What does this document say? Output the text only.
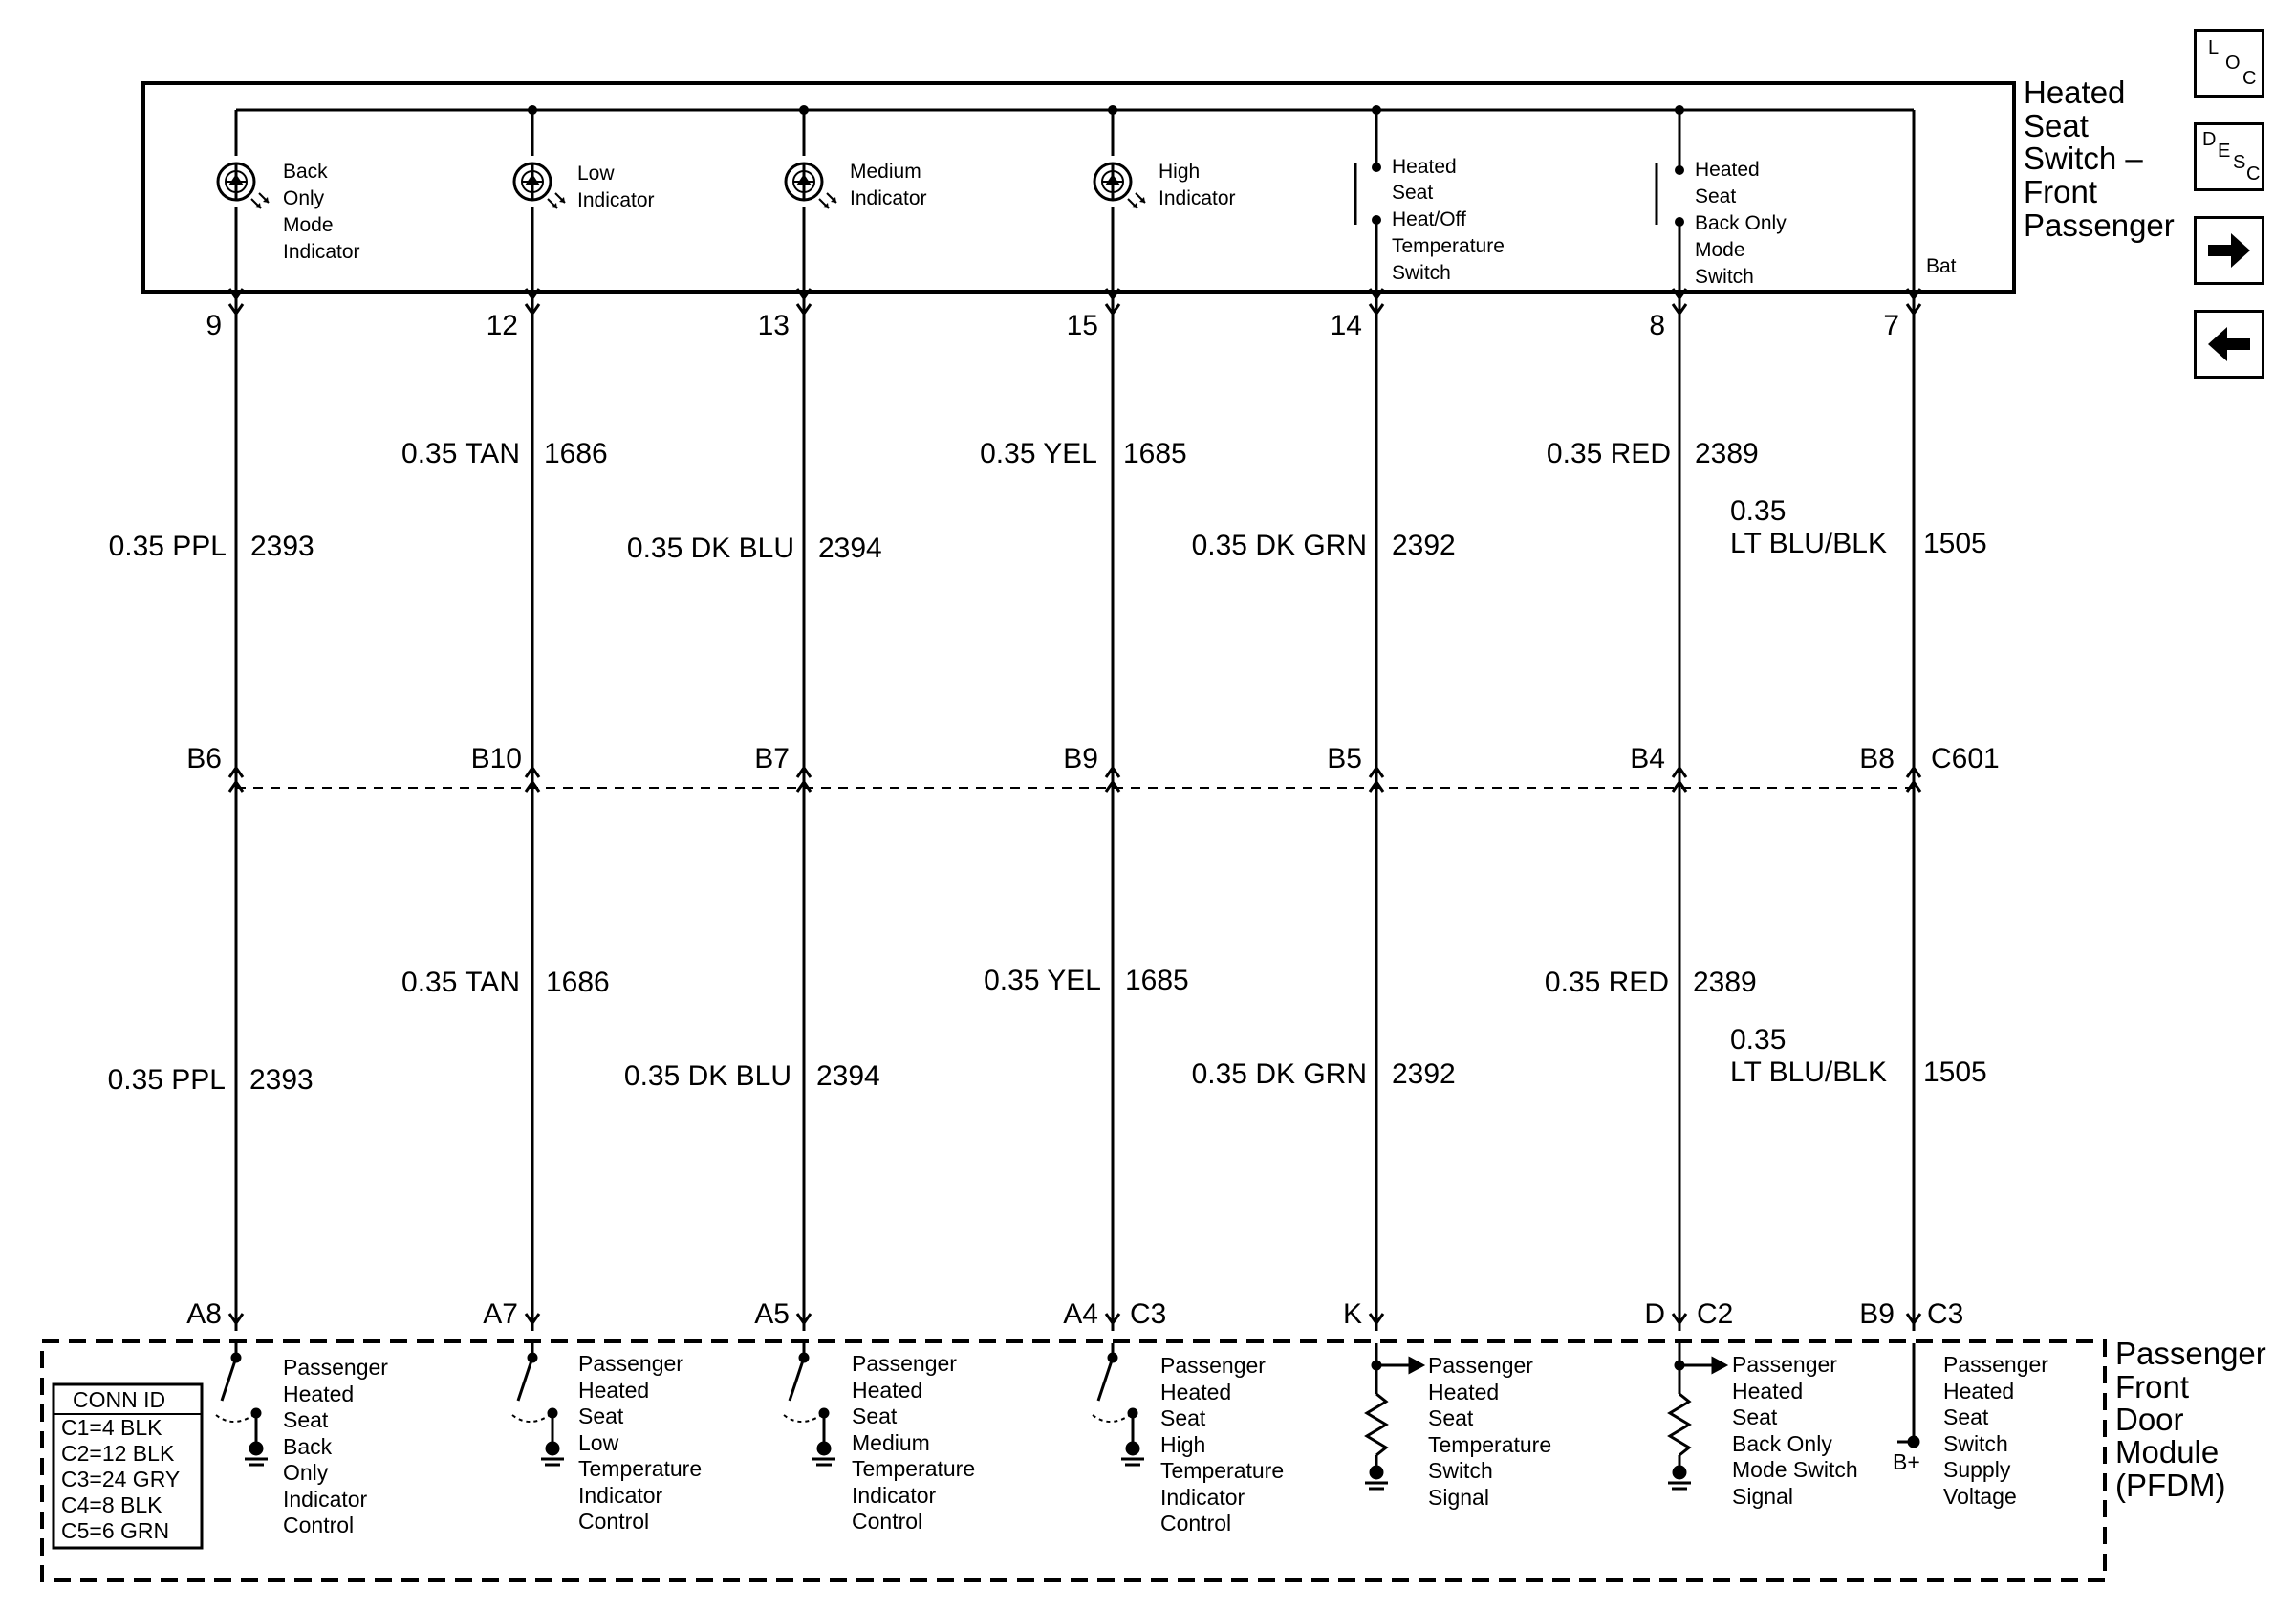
Heated
Seat
Switch –
Front
Passenger
Passenger
Front
Door
Module
(PFDM)
Back
Only
Mode
Indicator
Low
Indicator
Medium
Indicator
High
Indicator
Heated
Seat
Heat/Off
Temperature
Switch
Heated
Seat
Back Only
Mode
Switch	Bat
9	12	13	15	14	8	7
0.35 PPL 2393
0.35 TAN 1686
0.35 DK BLU 2394
0.35 YEL 1685
0.35 DK GRN 2392
0.35 RED 2389
0.35
LT BLU/BLK 1505
B6	B10	B7	B9	B5	B4	B8 C601
0.35 PPL 2393
0.35 TAN 1686
0.35 DK BLU 2394
0.35 YEL 1685
0.35 DK GRN 2392
0.35 RED 2389
0.35
LT BLU/BLK 1505
A8	A7	A5	A4 C3	K	D C2	B9 C3
Passenger
Heated
Seat
Back
Only
Indicator
Control
Passenger
Heated
Seat
Low
Temperature
Indicator
Control
Passenger
Heated
Seat
Medium
Temperature
Indicator
Control
Passenger
Heated
Seat
High
Temperature
Indicator
Control
Passenger
Heated
Seat
Temperature
Switch
Signal
Passenger
Heated
Seat
Back Only
Mode Switch
Signal
Passenger
Heated
Seat
Switch
Supply
Voltage
B+
CONN ID
C1=4 BLK
C2=12 BLK
C3=24 GRY
C4=8 BLK
C5=6 GRN
L
O
C
D
E
S
C
